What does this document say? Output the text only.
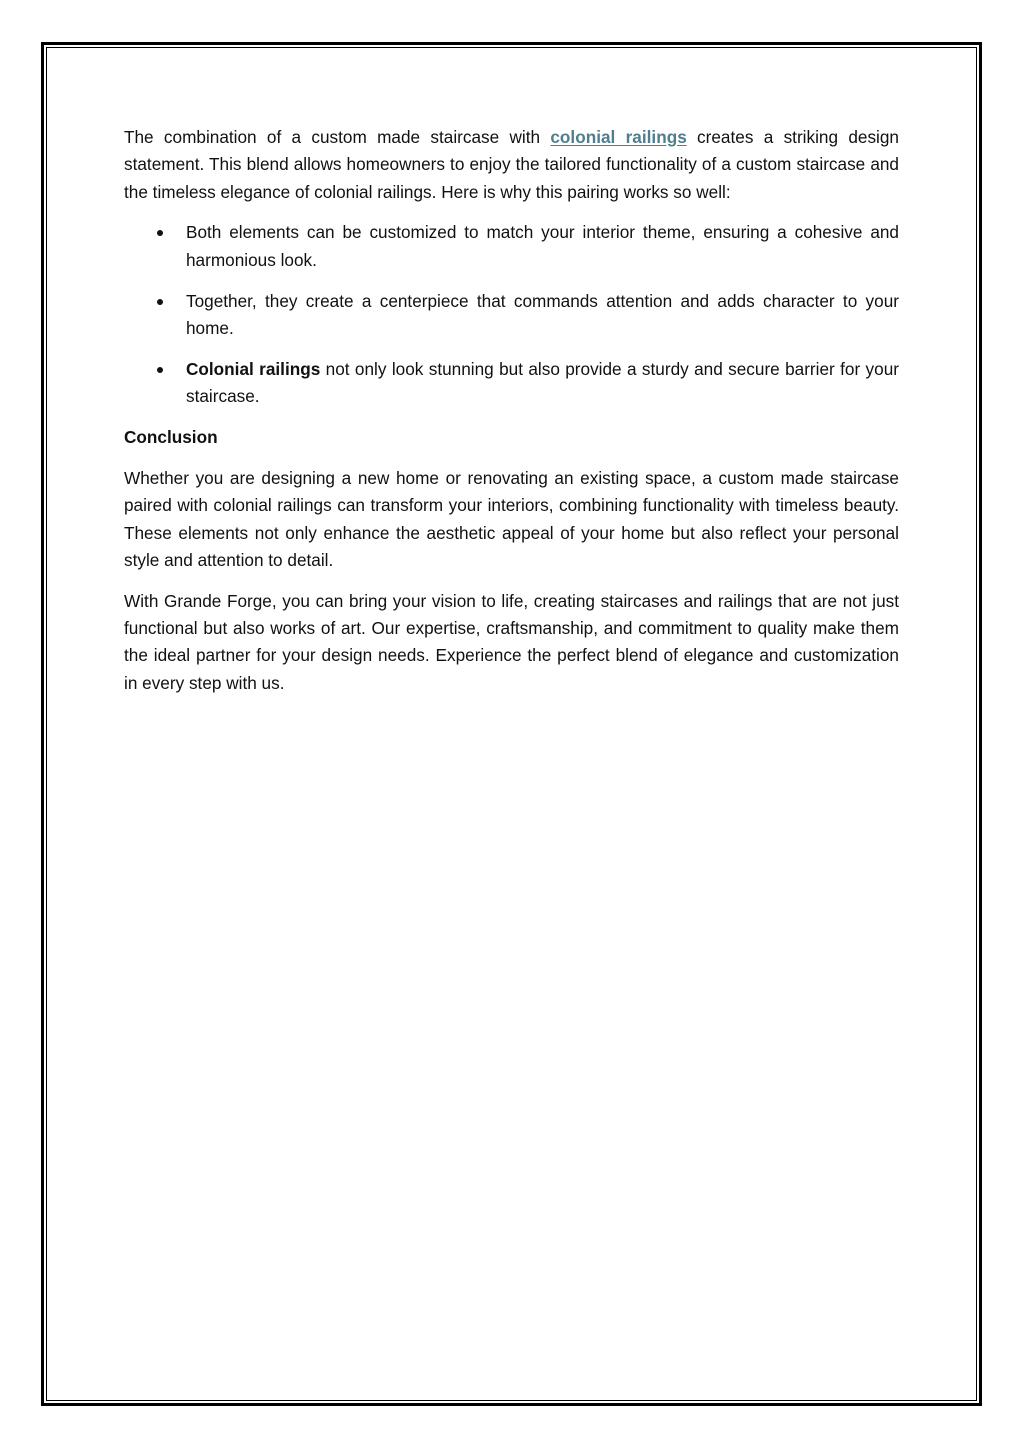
The combination of a custom made staircase with colonial railings creates a striking design statement. This blend allows homeowners to enjoy the tailored functionality of a custom staircase and the timeless elegance of colonial railings. Here is why this pairing works so well:

Both elements can be customized to match your interior theme, ensuring a cohesive and harmonious look.
Together, they create a centerpiece that commands attention and adds character to your home.
Colonial railings not only look stunning but also provide a sturdy and secure barrier for your staircase.
Conclusion

Whether you are designing a new home or renovating an existing space, a custom made staircase paired with colonial railings can transform your interiors, combining functionality with timeless beauty. These elements not only enhance the aesthetic appeal of your home but also reflect your personal style and attention to detail.

With Grande Forge, you can bring your vision to life, creating staircases and railings that are not just functional but also works of art. Our expertise, craftsmanship, and commitment to quality make them the ideal partner for your design needs. Experience the perfect blend of elegance and customization in every step with us.
